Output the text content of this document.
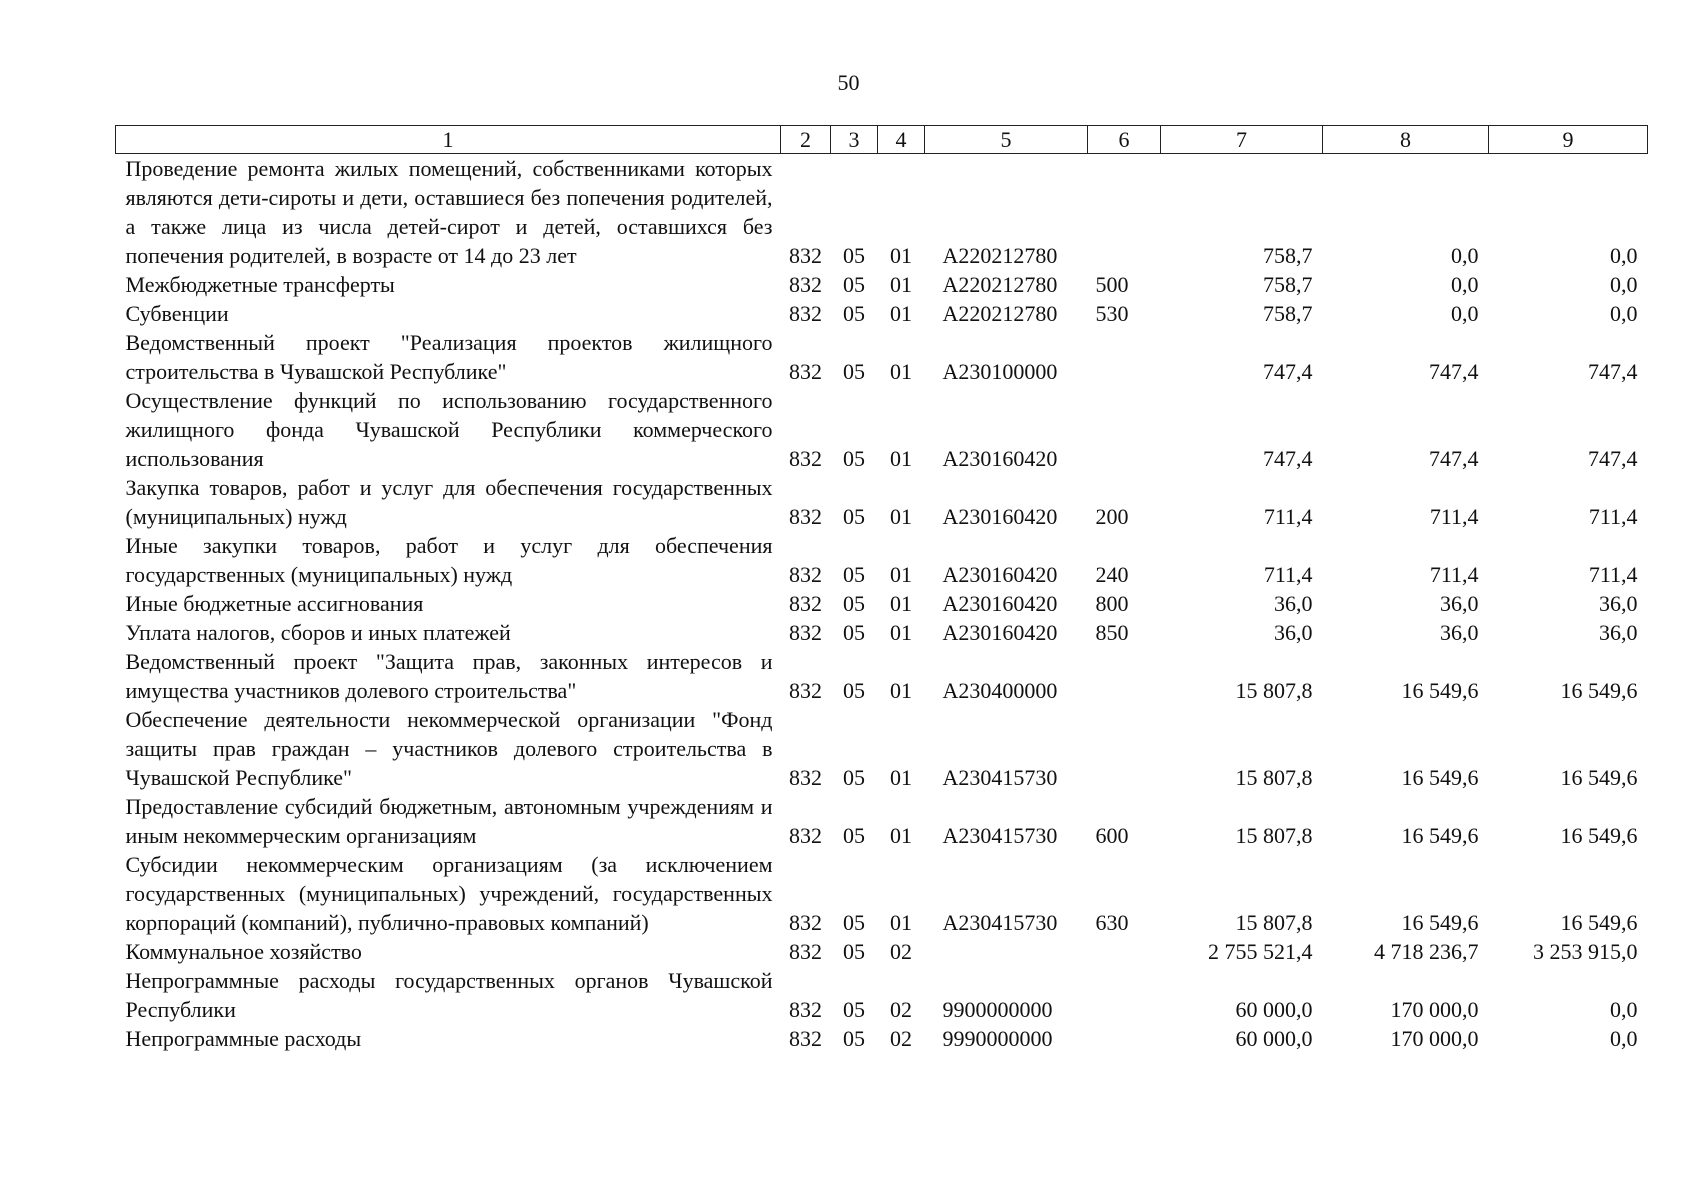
50
1	2	3	4	5	6	7	8	9
Проведение ремонта жилых помещений, собственниками которых являются дети-сироты и дети, оставшиеся без попечения родителей, а также лица из числа детей-сирот и детей, оставшихся без попечения родителей, в возрасте от 14 до 23 лет	832	05	01	А220212780		758,7	0,0	0,0
Межбюджетные трансферты	832	05	01	А220212780	500	758,7	0,0	0,0
Субвенции	832	05	01	А220212780	530	758,7	0,0	0,0
Ведомственный проект "Реализация проектов жилищного строительства в Чувашской Республике"	832	05	01	А230100000		747,4	747,4	747,4
Осуществление функций по использованию государственного жилищного фонда Чувашской Республики коммерческого использования	832	05	01	А230160420		747,4	747,4	747,4
Закупка товаров, работ и услуг для обеспечения государственных (муниципальных) нужд	832	05	01	А230160420	200	711,4	711,4	711,4
Иные закупки товаров, работ и услуг для обеспечения государственных (муниципальных) нужд	832	05	01	А230160420	240	711,4	711,4	711,4
Иные бюджетные ассигнования	832	05	01	А230160420	800	36,0	36,0	36,0
Уплата налогов, сборов и иных платежей	832	05	01	А230160420	850	36,0	36,0	36,0
Ведомственный проект "Защита прав, законных интересов и имущества участников долевого строительства"	832	05	01	А230400000		15 807,8	16 549,6	16 549,6
Обеспечение деятельности некоммерческой организации "Фонд защиты прав граждан – участников долевого строительства в Чувашской Республике"	832	05	01	А230415730		15 807,8	16 549,6	16 549,6
Предоставление субсидий бюджетным, автономным учреждениям и иным некоммерческим организациям	832	05	01	А230415730	600	15 807,8	16 549,6	16 549,6
Субсидии некоммерческим организациям (за исключением государственных (муниципальных) учреждений, государственных корпораций (компаний), публично-правовых компаний)	832	05	01	А230415730	630	15 807,8	16 549,6	16 549,6
Коммунальное хозяйство	832	05	02			2 755 521,4	4 718 236,7	3 253 915,0
Непрограммные расходы государственных органов Чувашской Республики	832	05	02	9900000000		60 000,0	170 000,0	0,0
Непрограммные расходы	832	05	02	9990000000		60 000,0	170 000,0	0,0
